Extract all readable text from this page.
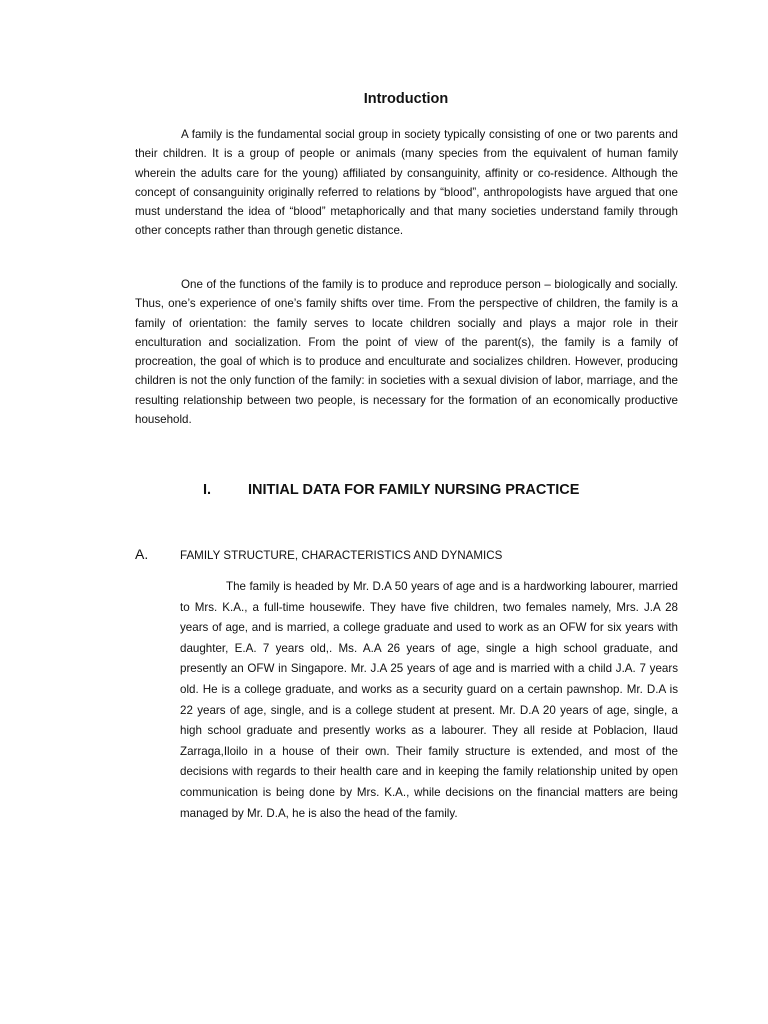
Introduction

A family is the fundamental social group in society typically consisting of one or two parents and their children. It is a group of people or animals (many species from the equivalent of human family wherein the adults care for the young) affiliated by consanguinity, affinity or co-residence. Although the concept of consanguinity originally referred to relations by “blood”, anthropologists have argued that one must understand the idea of “blood” metaphorically and that many societies understand family through other concepts rather than through genetic distance.

One of the functions of the family is to produce and reproduce person – biologically and socially. Thus, one’s experience of one’s family shifts over time. From the perspective of children, the family is a family of orientation: the family serves to locate children socially and plays a major role in their enculturation and socialization. From the point of view of the parent(s), the family is a family of procreation, the goal of which is to produce and enculturate and socializes children. However, producing children is not the only function of the family: in societies with a sexual division of labor, marriage, and the resulting relationship between two people, is necessary for the formation of an economically productive household.

I.	INITIAL DATA FOR FAMILY NURSING PRACTICE
A.	FAMILY STRUCTURE, CHARACTERISTICS AND DYNAMICS

The family is headed by Mr. D.A 50 years of age and is a hardworking labourer, married to Mrs. K.A., a full-time housewife. They have five children, two females namely, Mrs. J.A 28 years of age, and is married, a college graduate and used to work as an OFW for six years with daughter, E.A. 7 years old,. Ms. A.A 26 years of age, single a high school graduate, and presently an OFW in Singapore. Mr. J.A 25 years of age and is married with a child J.A. 7 years old. He is a college graduate, and works as a security guard on a certain pawnshop. Mr. D.A is 22 years of age, single, and is a college student at present. Mr. D.A 20 years of age, single, a high school graduate and presently works as a labourer. They all reside at Poblacion, Ilaud Zarraga,Iloilo in a house of their own. Their family structure is extended, and most of the decisions with regards to their health care and in keeping the family relationship united by open communication is being done by Mrs. K.A., while decisions on the financial matters are being managed by Mr. D.A, he is also the head of the family.
